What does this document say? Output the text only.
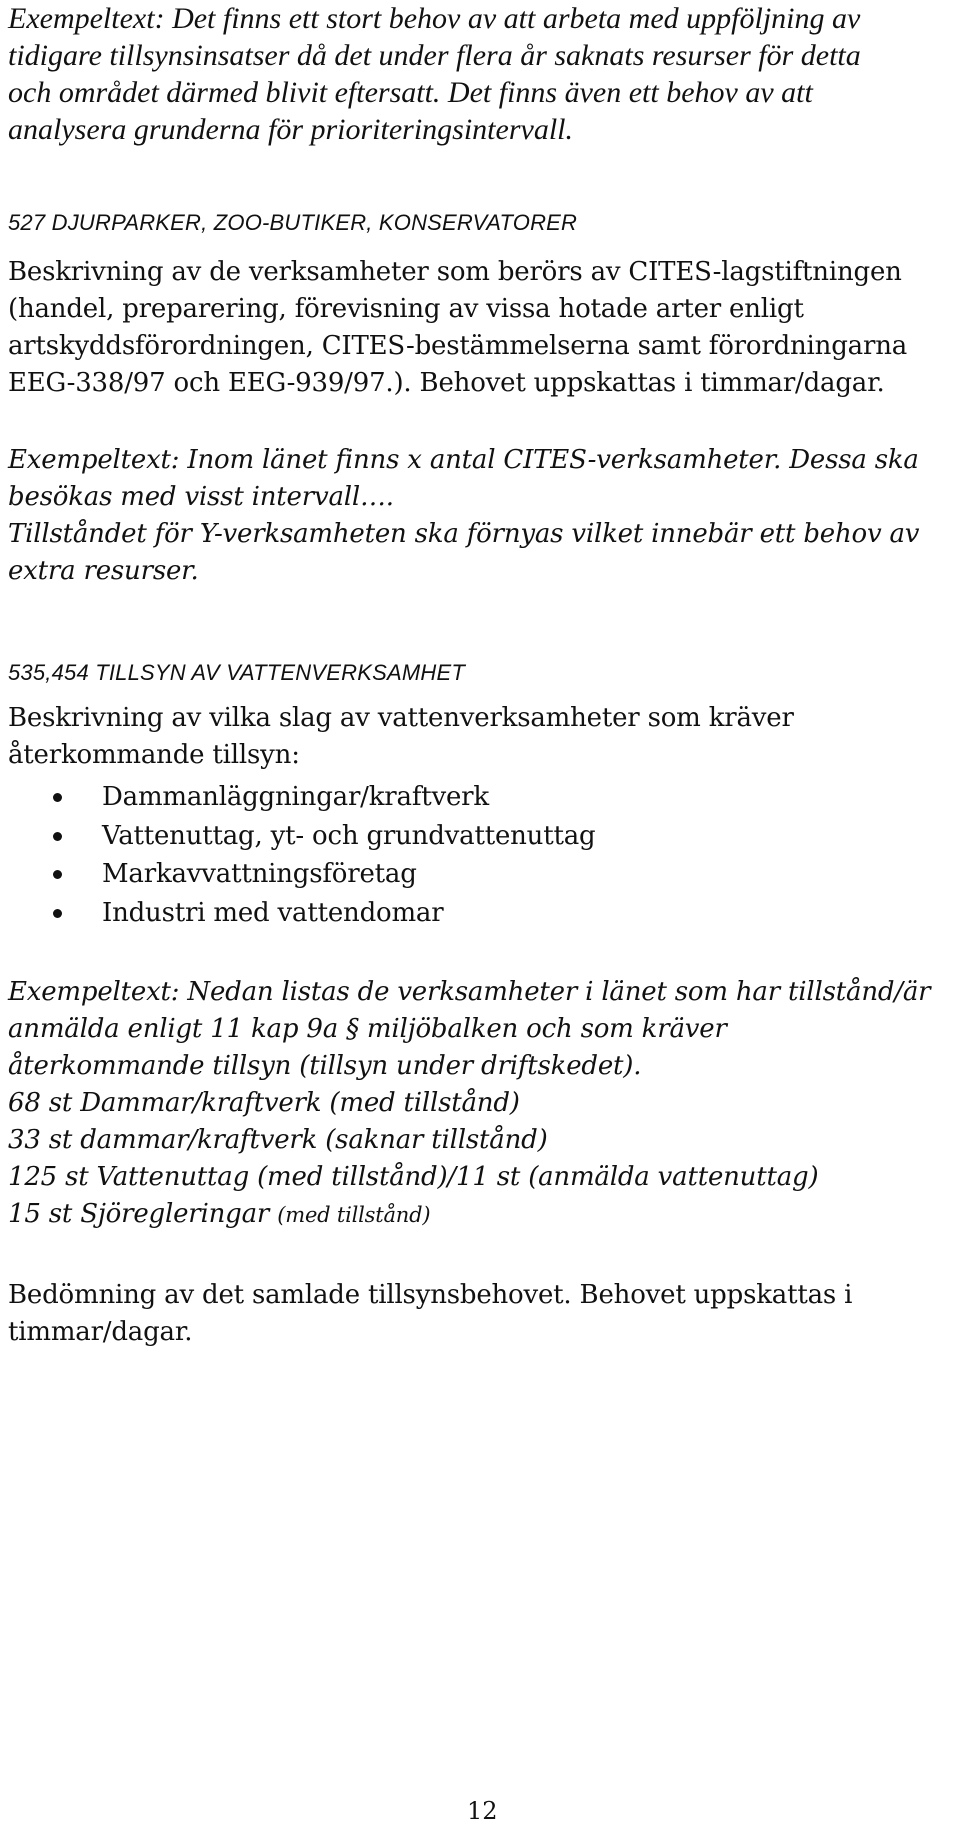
Exempeltext: Det finns ett stort behov av att arbeta med uppföljning av
tidigare tillsynsinsatser då det under flera år saknats resurser för detta
och området därmed blivit eftersatt. Det finns även ett behov av att
analysera grunderna för prioriteringsintervall.
527 DJURPARKER, ZOO-BUTIKER, KONSERVATORER
Beskrivning av de verksamheter som berörs av CITES-lagstiftningen
(handel, preparering, förevisning av vissa hotade arter enligt
artskyddsförordningen, CITES-bestämmelserna samt förordningarna
EEG-338/97 och EEG-939/97.). Behovet uppskattas i timmar/dagar.
Exempeltext: Inom länet finns x antal CITES-verksamheter. Dessa ska
besökas med visst intervall….
Tillståndet för Y-verksamheten ska förnyas vilket innebär ett behov av
extra resurser.
535,454 TILLSYN AV VATTENVERKSAMHET
Beskrivning av vilka slag av vattenverksamheter som kräver
återkommande tillsyn:
Dammanläggningar/kraftverk
Vattenuttag, yt- och grundvattenuttag
Markavvattningsföretag
Industri med vattendomar
Exempeltext: Nedan listas de verksamheter i länet som har tillstånd/är
anmälda enligt 11 kap 9a § miljöbalken och som kräver
återkommande tillsyn (tillsyn under driftskedet).
68 st Dammar/kraftverk (med tillstånd)
33 st dammar/kraftverk (saknar tillstånd)
125 st Vattenuttag (med tillstånd)/11 st (anmälda vattenuttag)
15 st Sjöregleringar (med tillstånd)
Bedömning av det samlade tillsynsbehovet. Behovet uppskattas i
timmar/dagar.
12
